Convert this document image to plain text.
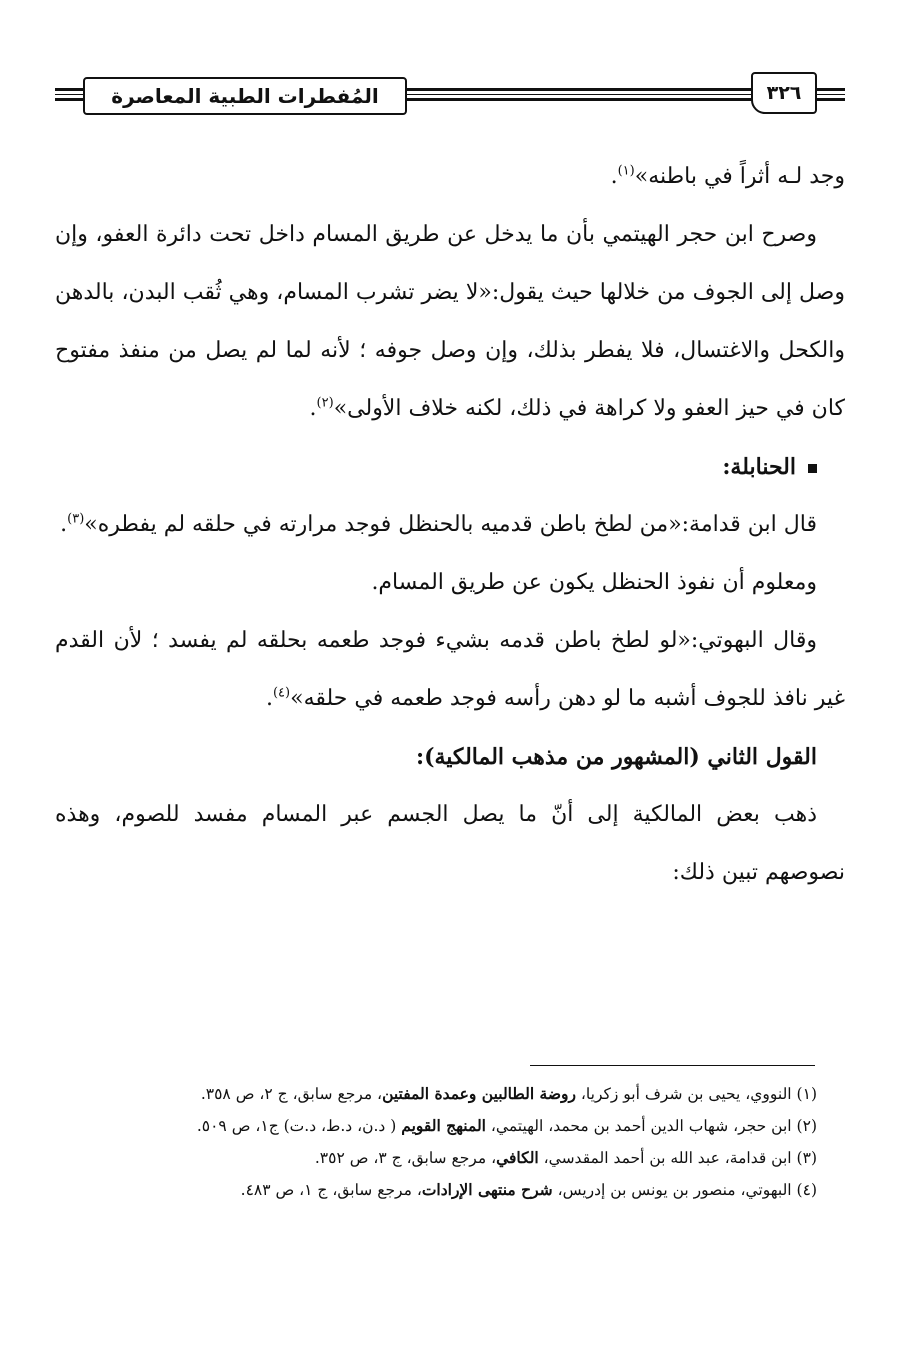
المُفطرات الطبية المعاصرة	٣٢٦

وجد لـه أثراً في باطنه»$^{(١)}$.

وصرح ابن حجر الهيتمي بأن ما يدخل عن طريق المسام داخل تحت دائرة العفو، وإن وصل إلى الجوف من خلالها حيث يقول:«لا يضر تشرب المسام، وهي ثُقب البدن، بالدهن والكحل والاغتسال، فلا يفطر بذلك، وإن وصل جوفه ؛ لأنه لما لم يصل من منفذ مفتوح كان في حيز العفو ولا كراهة في ذلك، لكنه خلاف الأولى»$^{(٢)}$.

الحنابلة:

قال ابن قدامة:«من لطخ باطن قدميه بالحنظل فوجد مرارته في حلقه لم يفطره»$^{(٣)}$.

ومعلوم أن نفوذ الحنظل يكون عن طريق المسام.

وقال البهوتي:«لو لطخ باطن قدمه بشيء فوجد طعمه بحلقه لم يفسد ؛ لأن القدم غير نافذ للجوف أشبه ما لو دهن رأسه فوجد طعمه في حلقه»$^{(٤)}$.

القول الثاني (المشهور من مذهب المالكية):

ذهب بعض المالكية إلى أنّ ما يصل الجسم عبر المسام مفسد للصوم، وهذه نصوصهم تبين ذلك:

(١) النووي، يحيى بن شرف أبو زكريا، روضة الطالبين وعمدة المفتين، مرجع سابق، ج ٢، ص ٣٥٨.
(٢) ابن حجر، شهاب الدين أحمد بن محمد، الهيتمي، المنهج القويم ( د.ن، د.ط، د.ت) ج١، ص ٥٠٩.
(٣) ابن قدامة، عبد الله بن أحمد المقدسي، الكافي، مرجع سابق، ج ٣، ص ٣٥٢.
(٤) البهوتي، منصور بن يونس بن إدريس، شرح منتهى الإرادات، مرجع سابق، ج ١، ص ٤٨٣.
